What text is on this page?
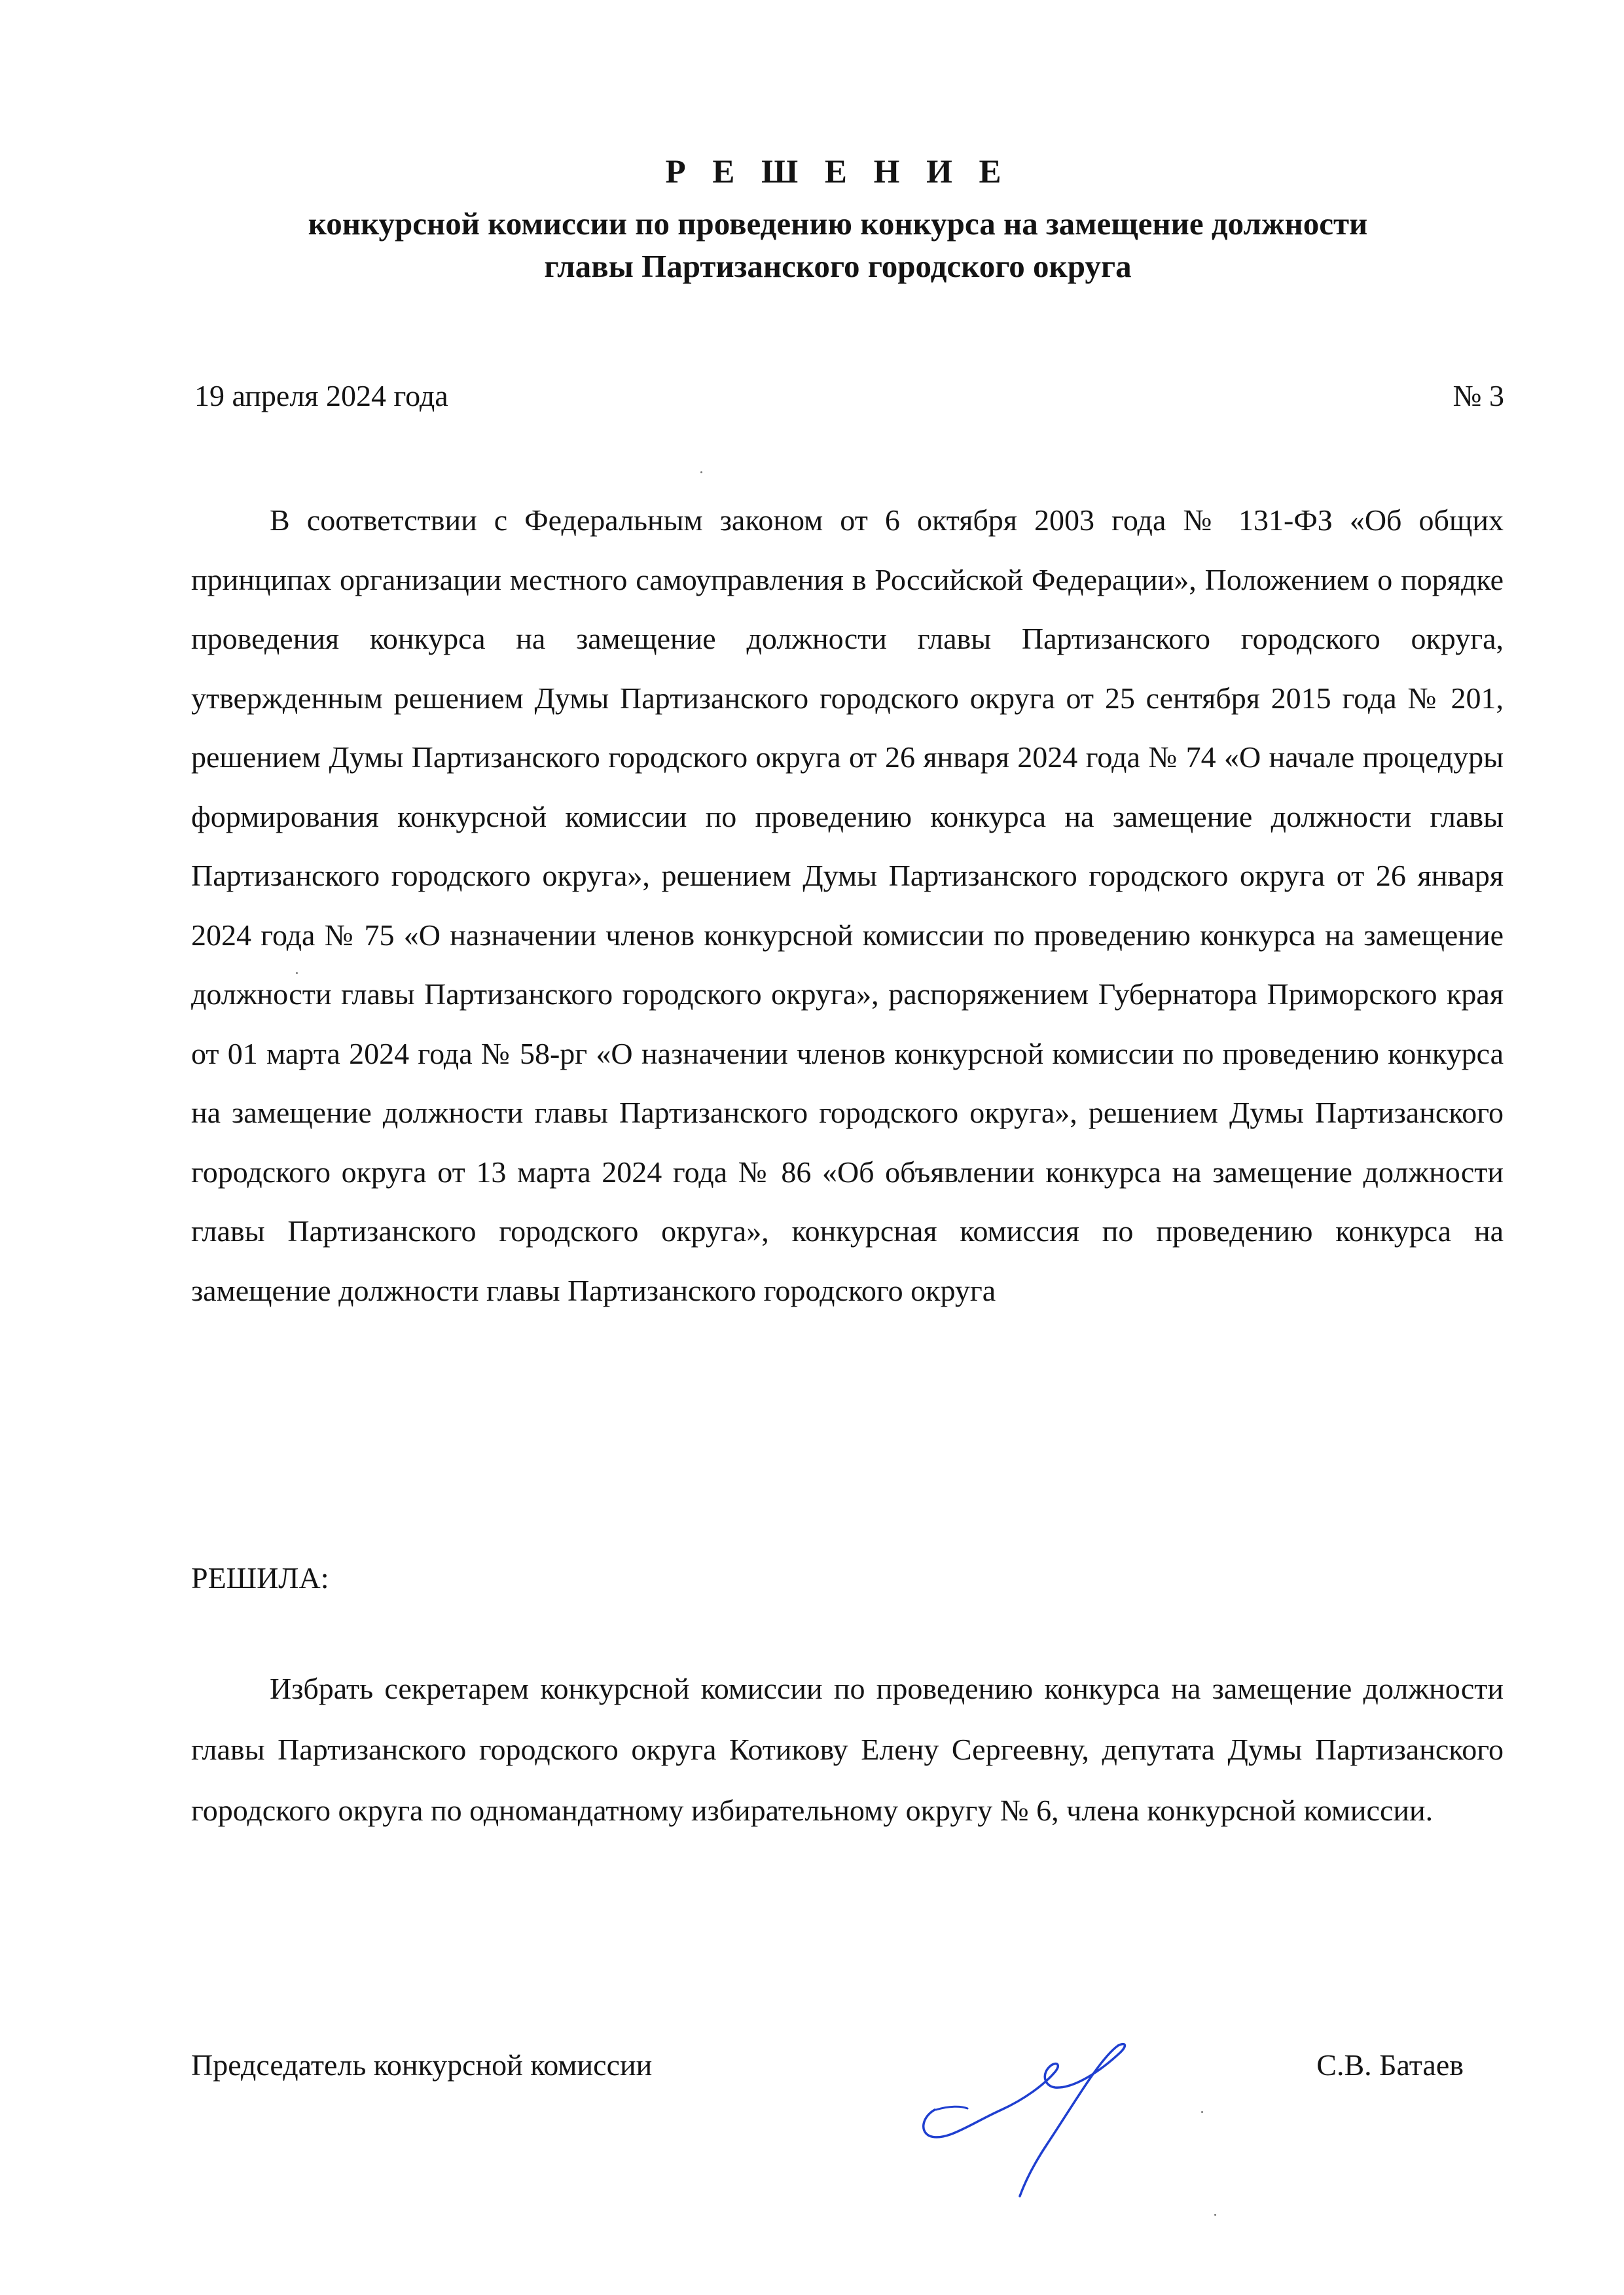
Р Е Ш Е Н И Е
конкурсной комиссии по проведению конкурса на замещение должности
главы Партизанского городского округа
19 апреля 2024 года	№ 3

В соответствии с Федеральным законом от 6 октября 2003 года № 131-ФЗ «Об общих принципах организации местного самоуправления в Российской Федерации», Положением о порядке проведения конкурса на замещение должности главы Партизанского городского округа, утвержденным решением Думы Партизанского городского округа от 25 сентября 2015 года № 201, решением Думы Партизанского городского округа от 26 января 2024 года № 74 «О начале процедуры формирования конкурсной комиссии по проведению конкурса на замещение должности главы Партизанского городского округа», решением Думы Партизанского городского округа от 26 января 2024 года № 75 «О назначении членов конкурсной комиссии по проведению конкурса на замещение должности главы Партизанского городского округа», распоряжением Губернатора Приморского края от 01 марта 2024 года № 58-рг «О назначении членов конкурсной комиссии по проведению конкурса на замещение должности главы Партизанского городского округа», решением Думы Партизанского городского округа от 13 марта 2024 года № 86 «Об объявлении конкурса на замещение должности главы Партизанского городского округа», конкурсная комиссия по проведению конкурса на замещение должности главы Партизанского городского округа

РЕШИЛА:

Избрать секретарем конкурсной комиссии по проведению конкурса на замещение должности главы Партизанского городского округа Котикову Елену Сергеевну, депутата Думы Партизанского городского округа по одномандатному избирательному округу № 6, члена конкурсной комиссии.

Председатель конкурсной комиссии	С.В. Батаев
